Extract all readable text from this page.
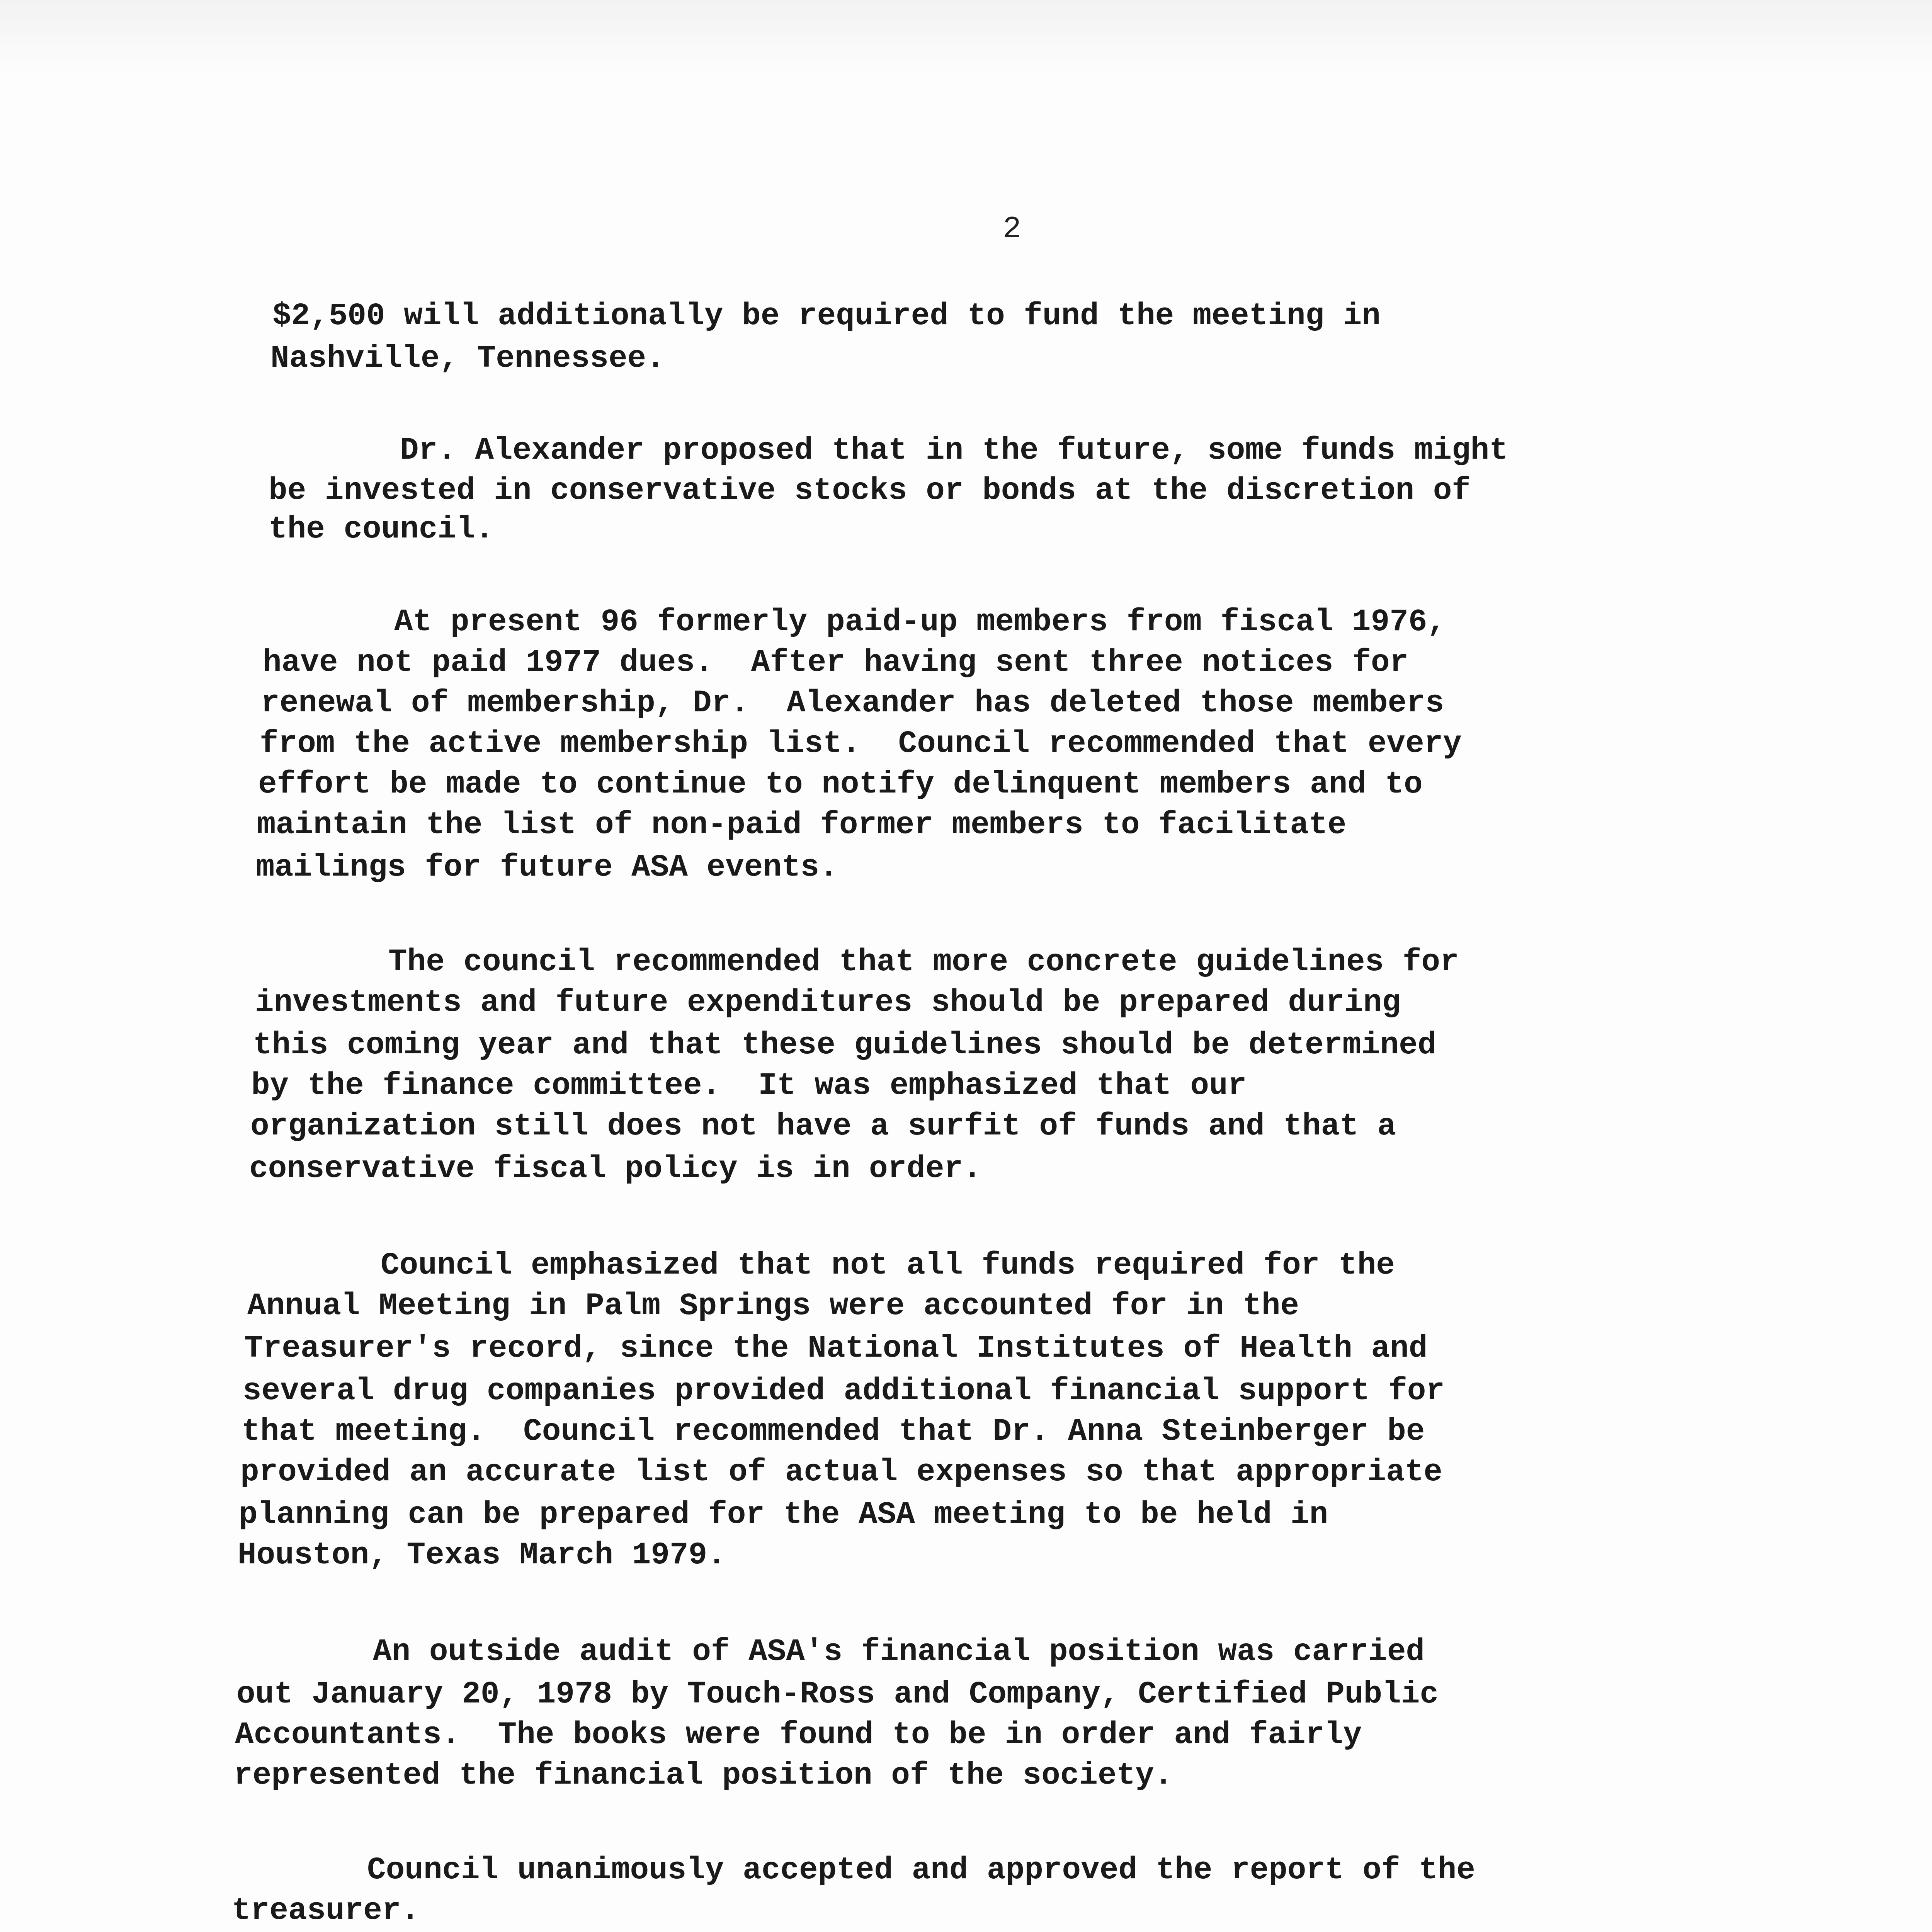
2
$2,500 will additionally be required to fund the meeting in
Nashville, Tennessee.
Dr. Alexander proposed that in the future, some funds might
be invested in conservative stocks or bonds at the discretion of
the council.
At present 96 formerly paid-up members from fiscal 1976,
have not paid 1977 dues.  After having sent three notices for
renewal of membership, Dr.  Alexander has deleted those members
from the active membership list.  Council recommended that every
effort be made to continue to notify delinquent members and to
maintain the list of non-paid former members to facilitate
mailings for future ASA events.
The council recommended that more concrete guidelines for
investments and future expenditures should be prepared during
this coming year and that these guidelines should be determined
by the finance committee.  It was emphasized that our
organization still does not have a surfit of funds and that a
conservative fiscal policy is in order.
Council emphasized that not all funds required for the
Annual Meeting in Palm Springs were accounted for in the
Treasurer's record, since the National Institutes of Health and
several drug companies provided additional financial support for
that meeting.  Council recommended that Dr. Anna Steinberger be
provided an accurate list of actual expenses so that appropriate
planning can be prepared for the ASA meeting to be held in
Houston, Texas March 1979.
An outside audit of ASA's financial position was carried
out January 20, 1978 by Touch-Ross and Company, Certified Public
Accountants.  The books were found to be in order and fairly
represented the financial position of the society.
Council unanimously accepted and approved the report of the
treasurer.
